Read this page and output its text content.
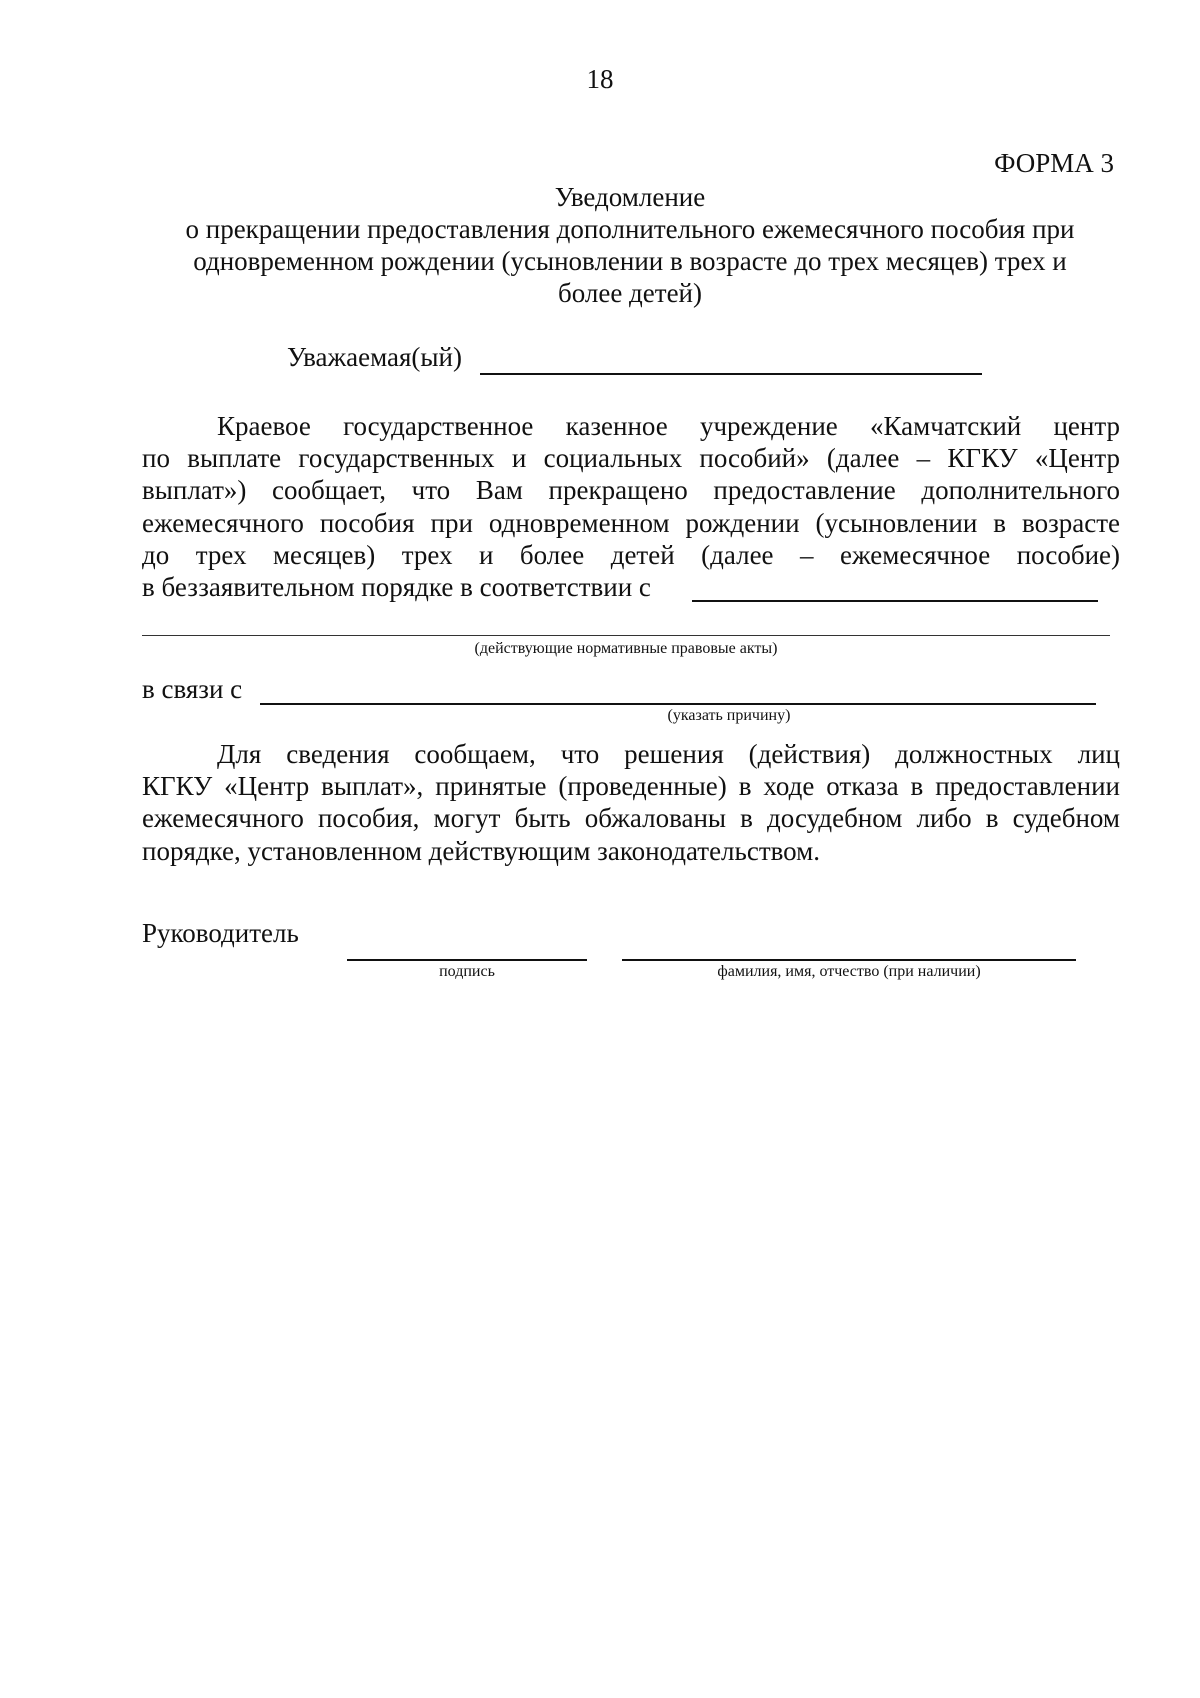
18
ФОРМА 3
Уведомление
о прекращении предоставления дополнительного ежемесячного пособия при
одновременном рождении (усыновлении в возрасте до трех месяцев) трех и
более детей)
Уважаемая(ый)
Краевое государственное казенное учреждение «Камчатский центр
по выплате государственных и социальных пособий» (далее – КГКУ «Центр
выплат») сообщает, что Вам прекращено предоставление дополнительного
ежемесячного пособия при одновременном рождении (усыновлении в возрасте
до трех месяцев) трех и более детей (далее – ежемесячное пособие)
в беззаявительном порядке в соответствии с
(действующие нормативные правовые акты)
в связи с
(указать причину)
Для сведения сообщаем, что решения (действия) должностных лиц
КГКУ «Центр выплат», принятые (проведенные) в ходе отказа в предоставлении
ежемесячного пособия, могут быть обжалованы в досудебном либо в судебном
порядке, установленном действующим законодательством.
Руководитель
подпись	фамилия, имя, отчество (при наличии)
